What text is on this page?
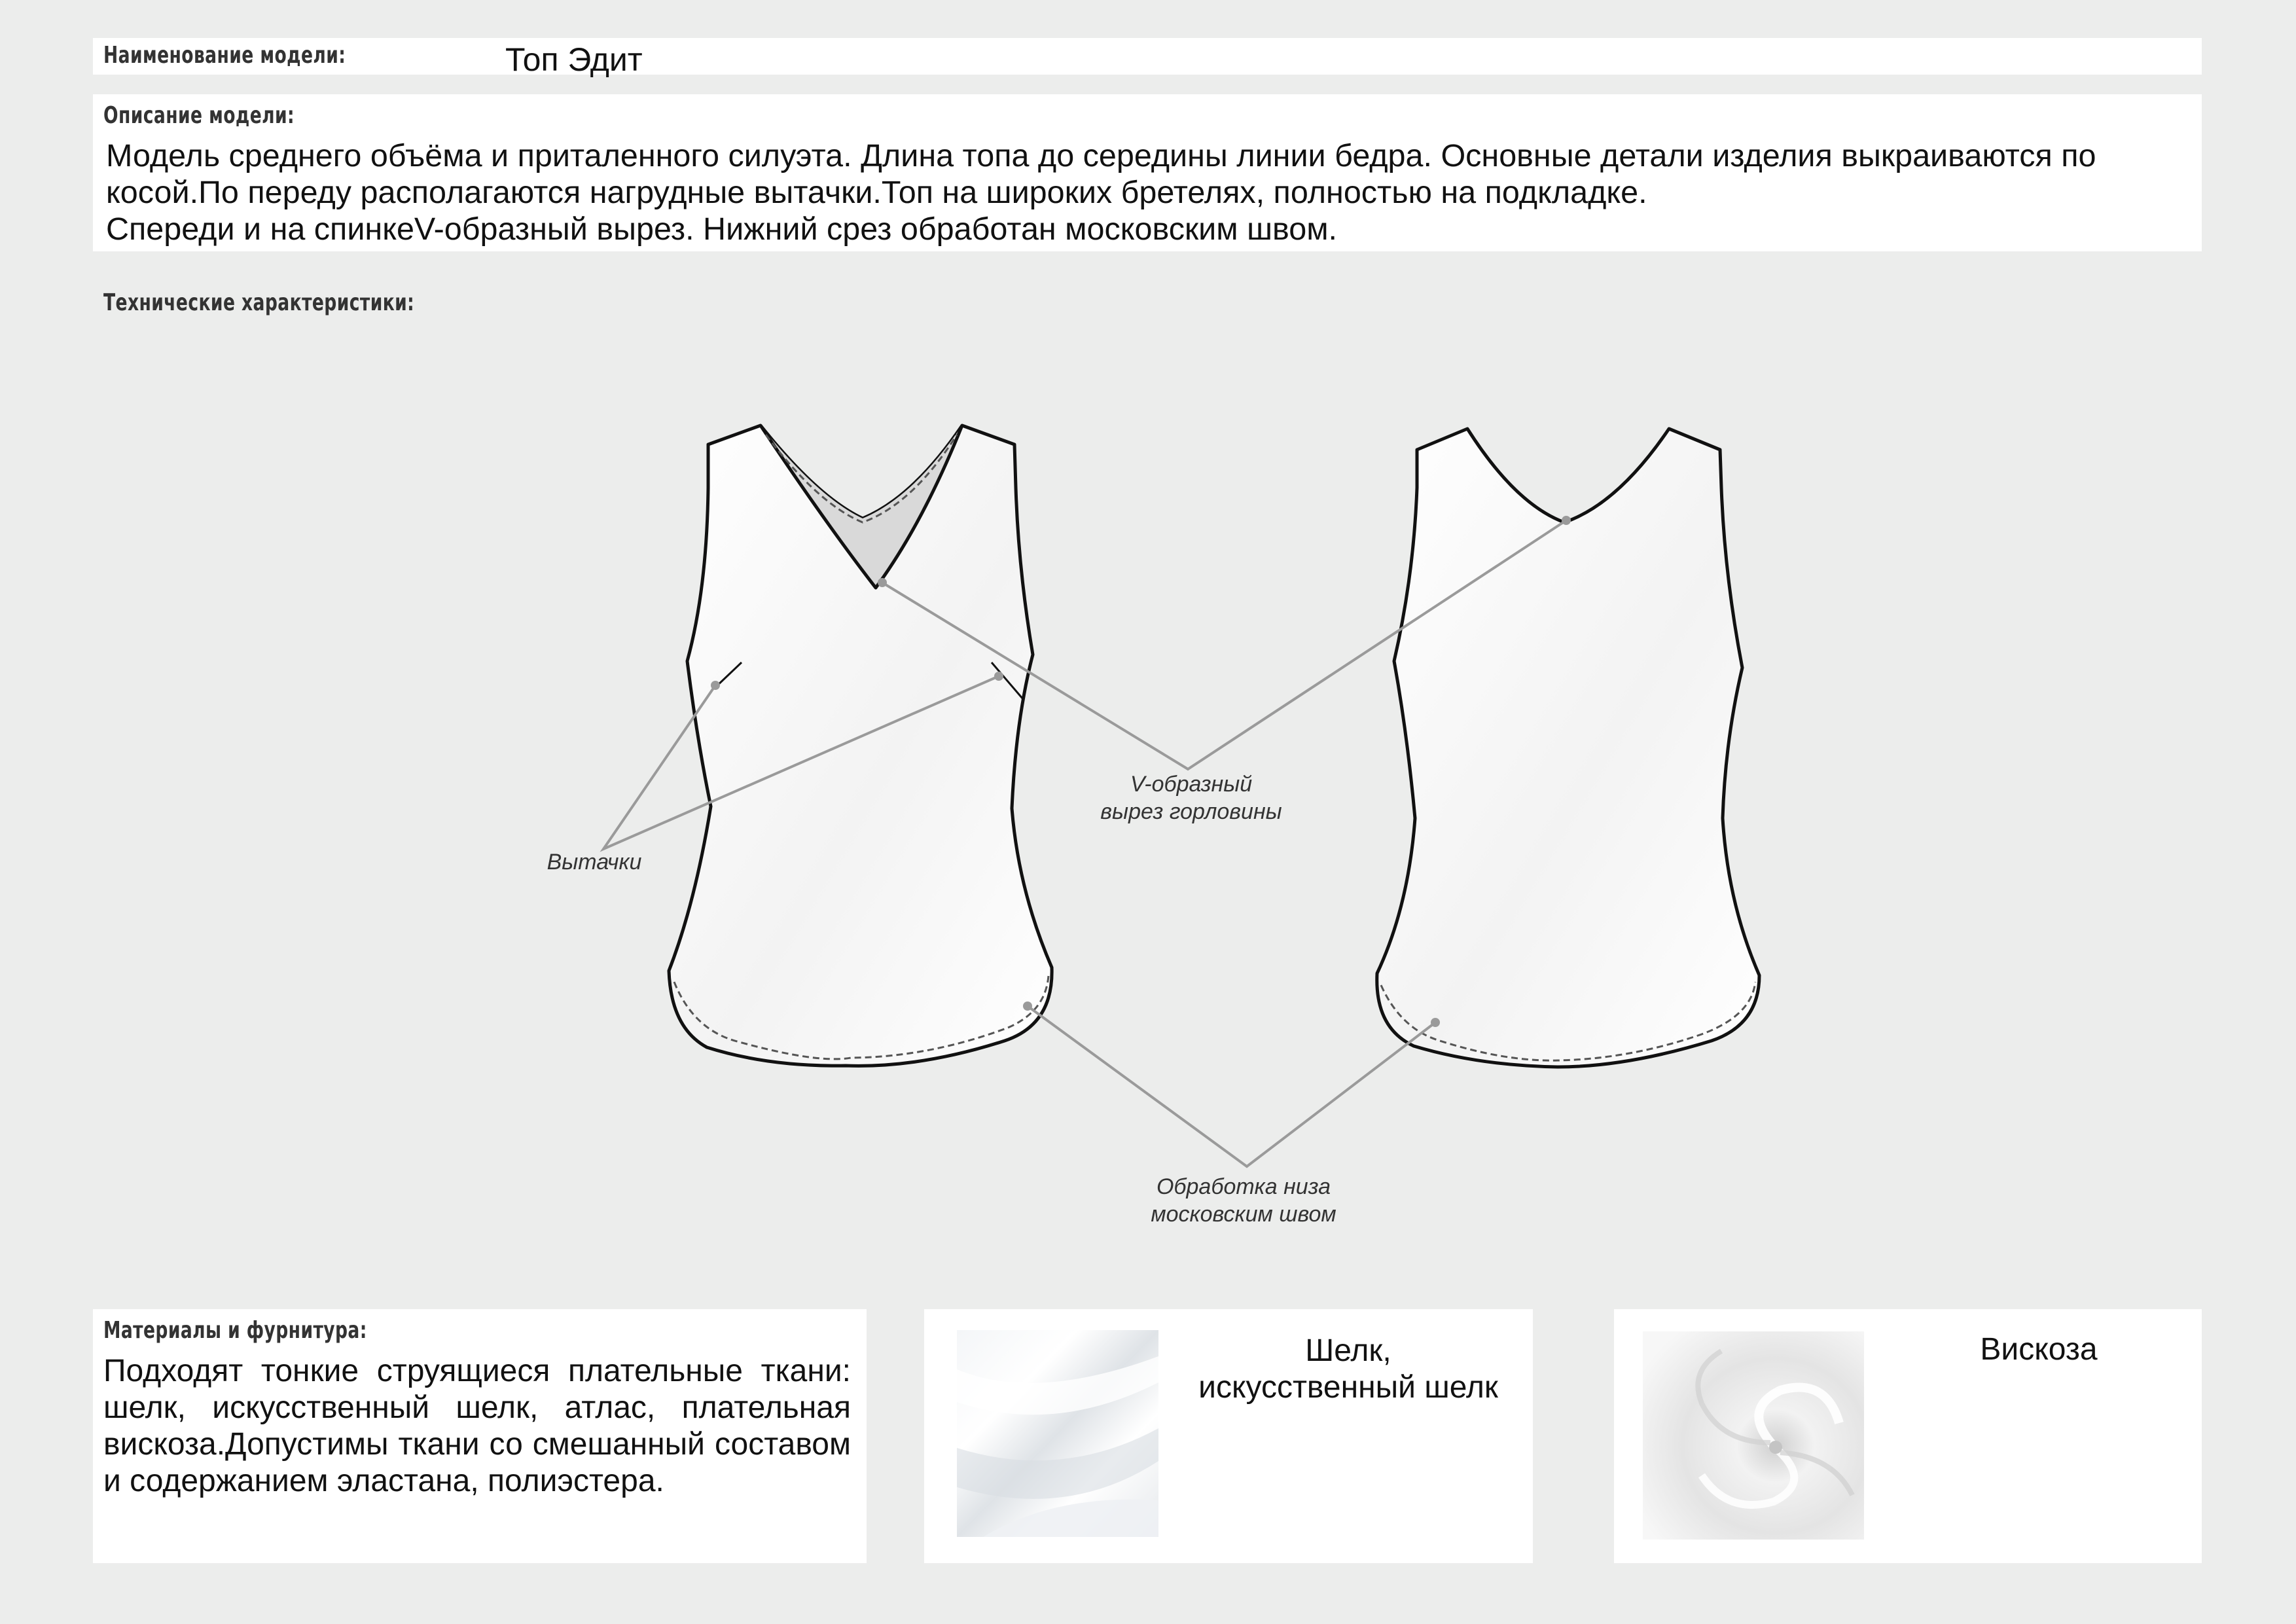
Наименование модели:	Топ Эдит
Описание модели:
Модель среднего объёма и приталенного силуэта. Длина топа до середины линии бедра. Основные детали изделия выкраиваются по
косой.По переду располагаются нагрудные вытачки.Топ на широких бретелях, полностью на подкладке.
Спереди и на спинкеV-образный вырез. Нижний срез обработан московским швом.
Технические характеристики:
Вытачки
V-образный
вырез горловины
Обработка низа
московским швом
Материалы и фурнитура:
Подходят тонкие струящиеся плательные ткани: шелк, искусственный шелк, атлас, плательная вискоза.Допустимы ткани со смешанный составом и содержанием эластана, полиэстера.
Шелк,
искусственный шелк
Вискоза
